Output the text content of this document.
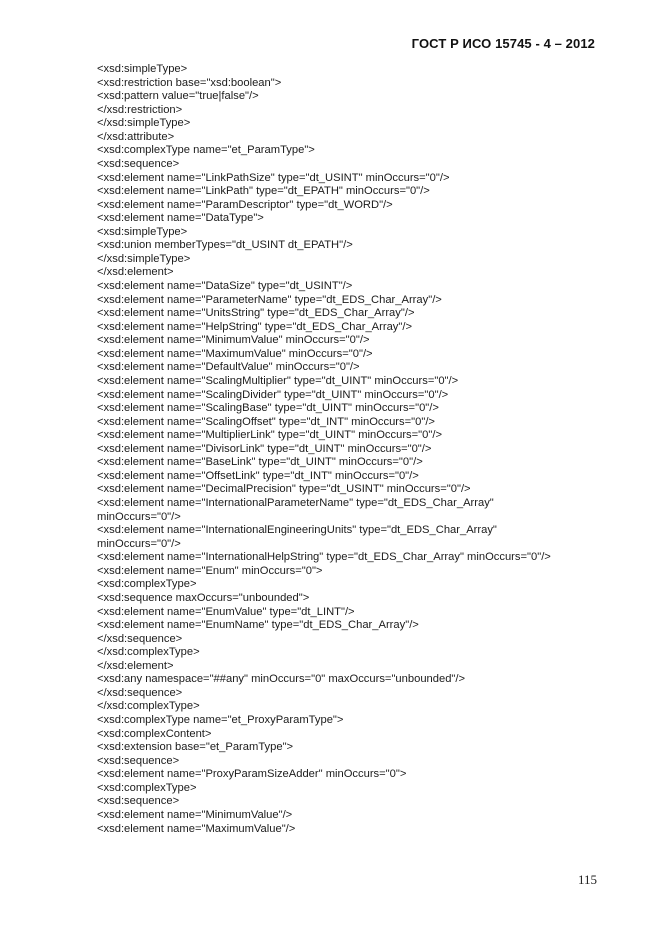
ГОСТ Р ИСО 15745 - 4 – 2012
<xsd:simpleType>
<xsd:restriction base="xsd:boolean">
<xsd:pattern value="true|false"/>
</xsd:restriction>
</xsd:simpleType>
</xsd:attribute>
<xsd:complexType name="et_ParamType">
<xsd:sequence>
<xsd:element name="LinkPathSize" type="dt_USINT" minOccurs="0"/>
<xsd:element name="LinkPath" type="dt_EPATH" minOccurs="0"/>
<xsd:element name="ParamDescriptor" type="dt_WORD"/>
<xsd:element name="DataType">
<xsd:simpleType>
<xsd:union memberTypes="dt_USINT dt_EPATH"/>
</xsd:simpleType>
</xsd:element>
<xsd:element name="DataSize" type="dt_USINT"/>
<xsd:element name="ParameterName" type="dt_EDS_Char_Array"/>
<xsd:element name="UnitsString" type="dt_EDS_Char_Array"/>
<xsd:element name="HelpString" type="dt_EDS_Char_Array"/>
<xsd:element name="MinimumValue" minOccurs="0"/>
<xsd:element name="MaximumValue" minOccurs="0"/>
<xsd:element name="DefaultValue" minOccurs="0"/>
<xsd:element name="ScalingMultiplier" type="dt_UINT" minOccurs="0"/>
<xsd:element name="ScalingDivider" type="dt_UINT" minOccurs="0"/>
<xsd:element name="ScalingBase" type="dt_UINT" minOccurs="0"/>
<xsd:element name="ScalingOffset" type="dt_INT" minOccurs="0"/>
<xsd:element name="MultiplierLink" type="dt_UINT" minOccurs="0"/>
<xsd:element name="DivisorLink" type="dt_UINT" minOccurs="0"/>
<xsd:element name="BaseLink" type="dt_UINT" minOccurs="0"/>
<xsd:element name="OffsetLink" type="dt_INT" minOccurs="0"/>
<xsd:element name="DecimalPrecision" type="dt_USINT" minOccurs="0"/>
<xsd:element name="InternationalParameterName" type="dt_EDS_Char_Array"
minOccurs="0"/>
<xsd:element name="InternationalEngineeringUnits" type="dt_EDS_Char_Array"
minOccurs="0"/>
<xsd:element name="InternationalHelpString" type="dt_EDS_Char_Array" minOccurs="0"/>
<xsd:element name="Enum" minOccurs="0">
<xsd:complexType>
<xsd:sequence maxOccurs="unbounded">
<xsd:element name="EnumValue" type="dt_LINT"/>
<xsd:element name="EnumName" type="dt_EDS_Char_Array"/>
</xsd:sequence>
</xsd:complexType>
</xsd:element>
<xsd:any namespace="##any" minOccurs="0" maxOccurs="unbounded"/>
</xsd:sequence>
</xsd:complexType>
<xsd:complexType name="et_ProxyParamType">
<xsd:complexContent>
<xsd:extension base="et_ParamType">
<xsd:sequence>
<xsd:element name="ProxyParamSizeAdder" minOccurs="0">
<xsd:complexType>
<xsd:sequence>
<xsd:element name="MinimumValue"/>
<xsd:element name="MaximumValue"/>
115
